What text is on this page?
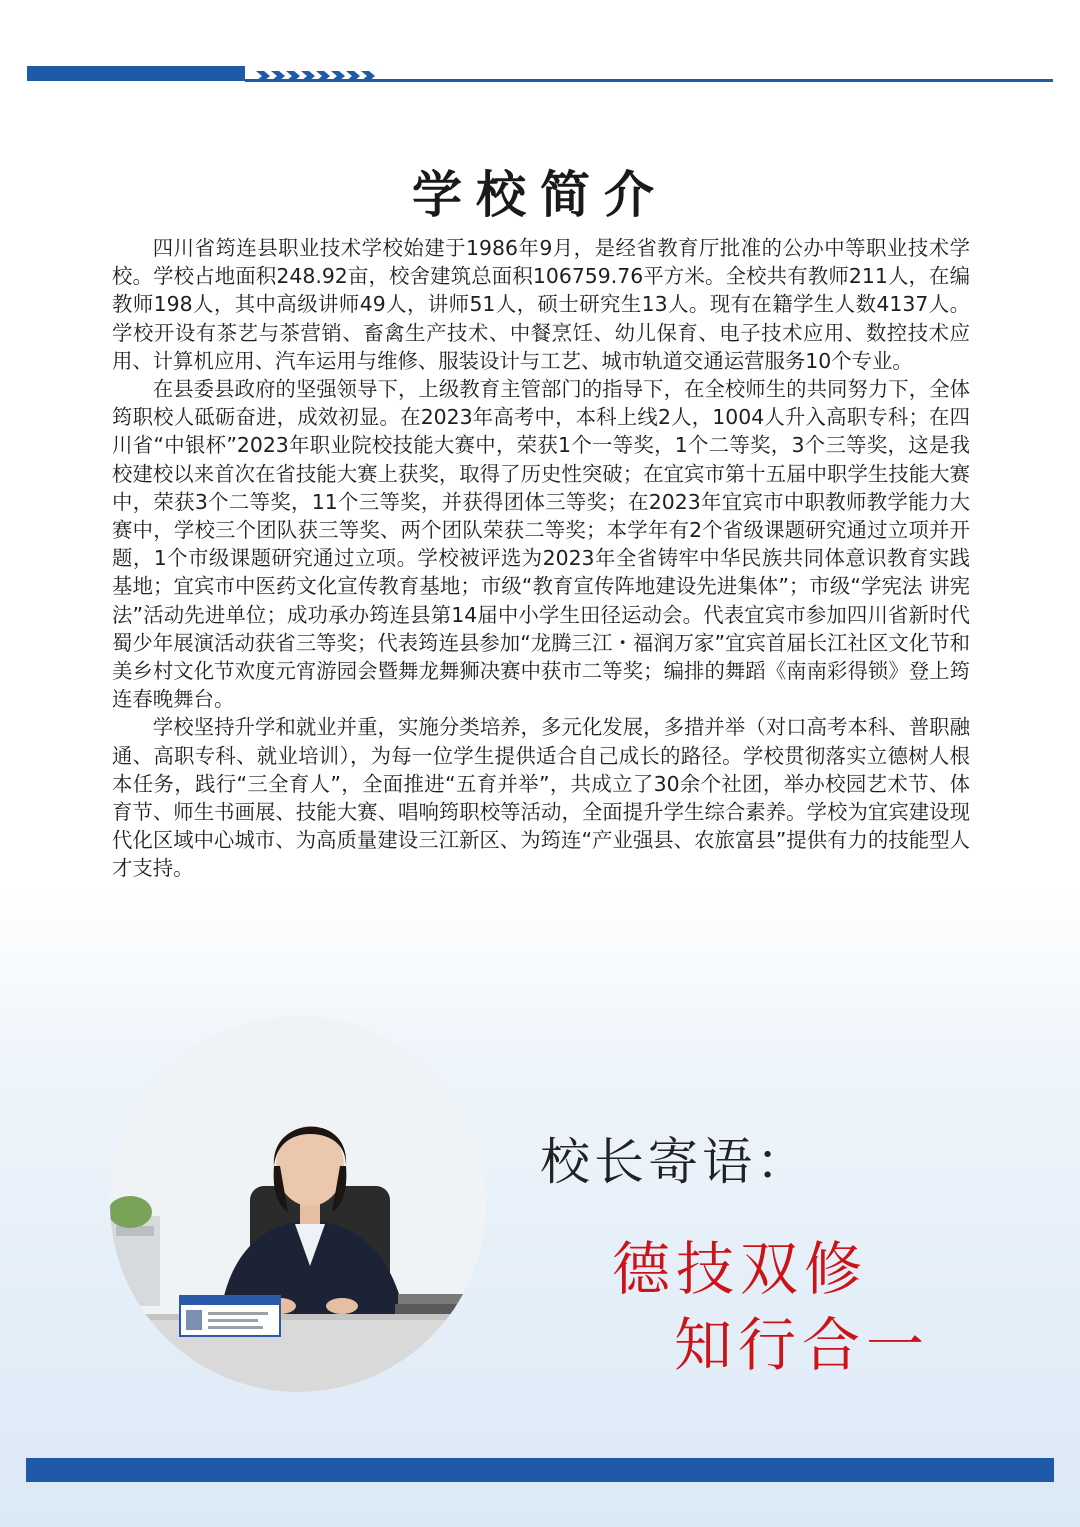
学校简介

四川省筠连县职业技术学校始建于1986年9月，是经省教育厅批准的公办中等职业技术学校。学校占地面积248.92亩，校舍建筑总面积106759.76平方米。全校共有教师211人，在编教师198人，其中高级讲师49人，讲师51人，硕士研究生13人。现有在籍学生人数4137人。学校开设有茶艺与茶营销、畜禽生产技术、中餐烹饪、幼儿保育、电子技术应用、数控技术应用、计算机应用、汽车运用与维修、服装设计与工艺、城市轨道交通运营服务10个专业。

在县委县政府的坚强领导下，上级教育主管部门的指导下，在全校师生的共同努力下，全体筠职校人砥砺奋进，成效初显。在2023年高考中，本科上线2人，1004人升入高职专科；在四川省“中银杯”2023年职业院校技能大赛中，荣获1个一等奖，1个二等奖，3个三等奖，这是我校建校以来首次在省技能大赛上获奖，取得了历史性突破；在宜宾市第十五届中职学生技能大赛中，荣获3个二等奖，11个三等奖，并获得团体三等奖；在2023年宜宾市中职教师教学能力大赛中，学校三个团队获三等奖、两个团队荣获二等奖；本学年有2个省级课题研究通过立项并开题，1个市级课题研究通过立项。学校被评选为2023年全省铸牢中华民族共同体意识教育实践基地；宜宾市中医药文化宣传教育基地；市级“教育宣传阵地建设先进集体”；市级“学宪法 讲宪法”活动先进单位；成功承办筠连县第14届中小学生田径运动会。代表宜宾市参加四川省新时代蜀少年展演活动获省三等奖；代表筠连县参加“龙腾三江・福润万家”宜宾首届长江社区文化节和美乡村文化节欢度元宵游园会暨舞龙舞狮决赛中获市二等奖；编排的舞蹈《南南彩得锁》登上筠连春晚舞台。

学校坚持升学和就业并重，实施分类培养，多元化发展，多措并举（对口高考本科、普职融通、高职专科、就业培训），为每一位学生提供适合自己成长的路径。学校贯彻落实立德树人根本任务，践行“三全育人”，全面推进“五育并举”，共成立了30余个社团，举办校园艺术节、体育节、师生书画展、技能大赛、唱响筠职校等活动，全面提升学生综合素养。学校为宜宾建设现代化区域中心城市、为高质量建设三江新区、为筠连“产业强县、农旅富县”提供有力的技能型人才支持。

校长寄语：
德技双修
知行合一
